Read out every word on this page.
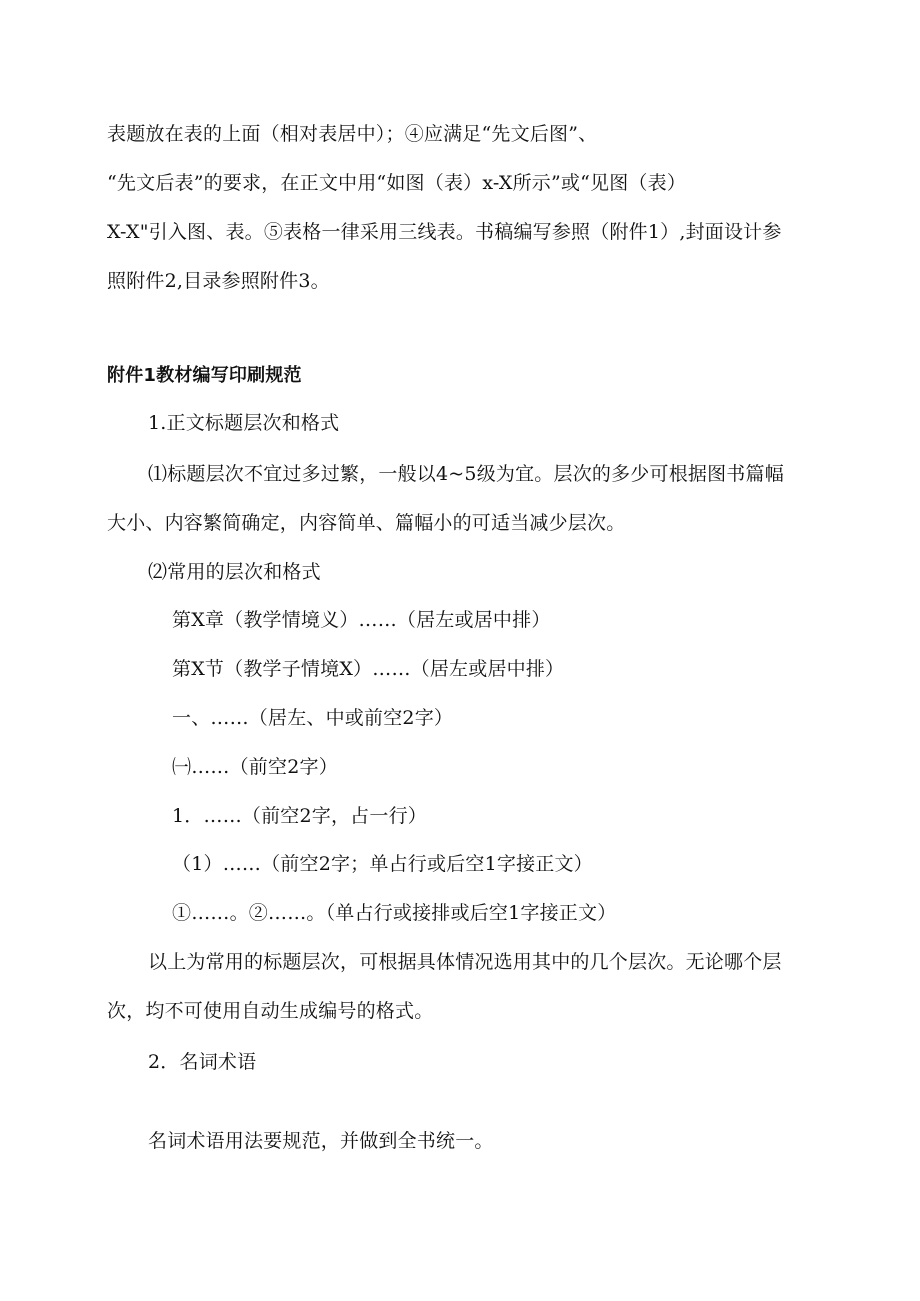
表题放在表的上面（相对表居中）；④应满足“先文后图”、
“先文后表”的要求，在正文中用“如图（表）x-X所示”或“见图（表）
X-X"引入图、表。⑤表格一律采用三线表。书稿编写参照（附件1）,封面设计参
照附件2,目录参照附件3。
附件1教材编写印刷规范
1.正文标题层次和格式
⑴标题层次不宜过多过繁，一般以4~5级为宜。层次的多少可根据图书篇幅
大小、内容繁简确定，内容简单、篇幅小的可适当减少层次。
⑵常用的层次和格式
第X章（教学情境义）……（居左或居中排）
第X节（教学子情境X）……（居左或居中排）
一、……（居左、中或前空2字）
㈠……（前空2字）
1．……（前空2字，占一行）
（1）……（前空2字；单占行或后空1字接正文）
①……。②……。（单占行或接排或后空1字接正文）
以上为常用的标题层次，可根据具体情况选用其中的几个层次。无论哪个层
次，均不可使用自动生成编号的格式。
2．名词术语
名词术语用法要规范，并做到全书统一。
